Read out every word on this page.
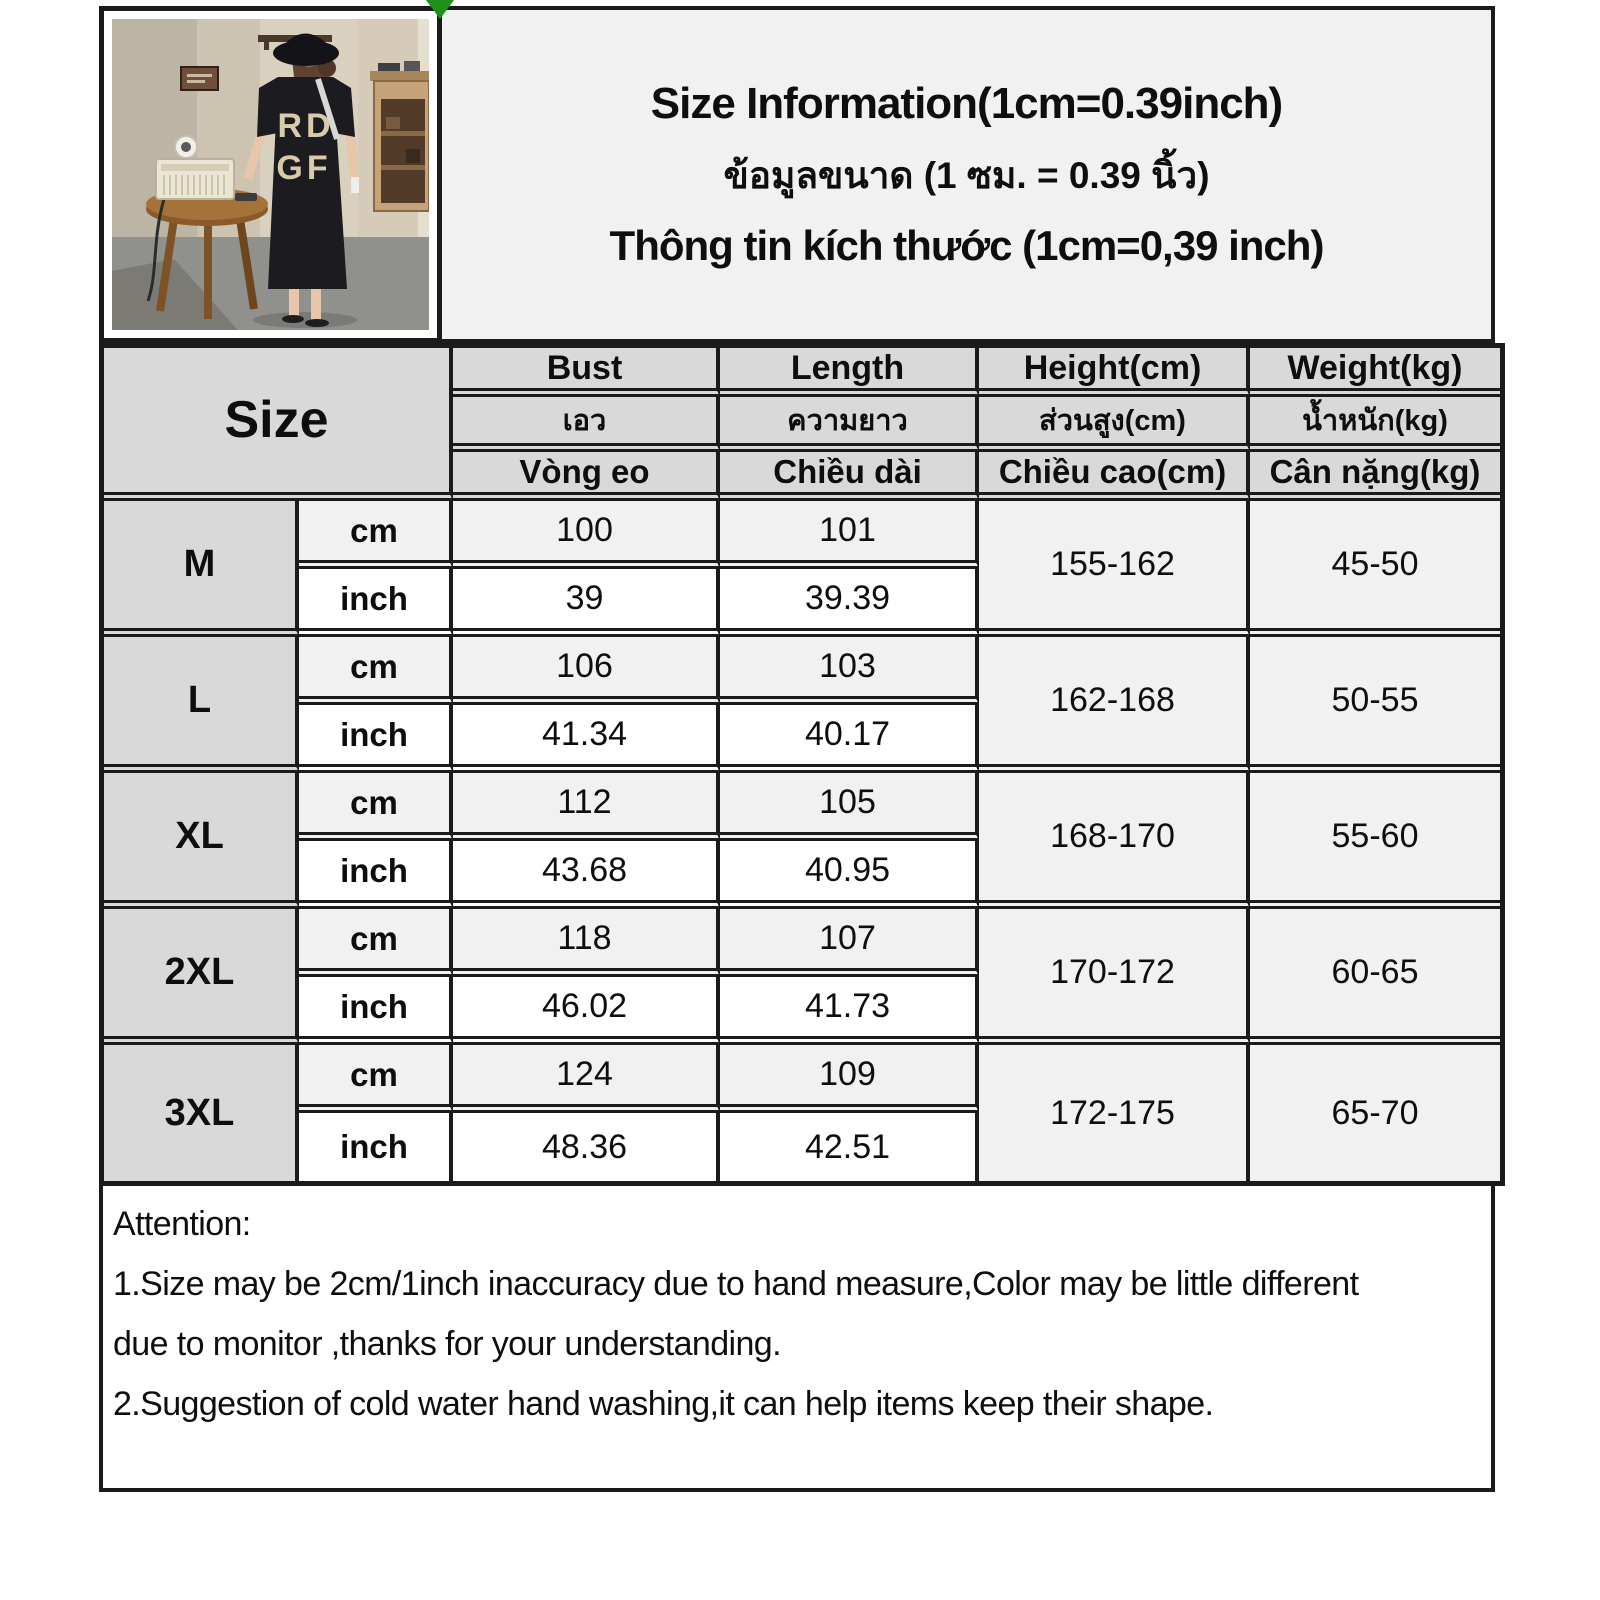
RD
GF
Size Information(1cm=0.39inch)
ข้อมูลขนาด (1 ซม. = 0.39 นิ้ว)
Thông tin kích thước (1cm=0,39 inch)
Size		Bust	Length	Height(cm)	Weight(kg)
		เอว	ความยาว	ส่วนสูง(cm)	น้ำหนัก(kg)
		Vòng eo	Chiều dài	Chiều cao(cm)	Cân nặng(kg)
M	cm	100	101	155-162	45-50
	inch	39	39.39		
L	cm	106	103	162-168	50-55
	inch	41.34	40.17		
XL	cm	112	105	168-170	55-60
	inch	43.68	40.95		
2XL	cm	118	107	170-172	60-65
	inch	46.02	41.73		
3XL	cm	124	109	172-175	65-70
	inch	48.36	42.51		

Attention:

1.Size may be 2cm/1inch inaccuracy due to hand measure,Color may be little different

due to monitor ,thanks for your understanding.

2.Suggestion of cold water hand washing,it can help items keep their shape.
